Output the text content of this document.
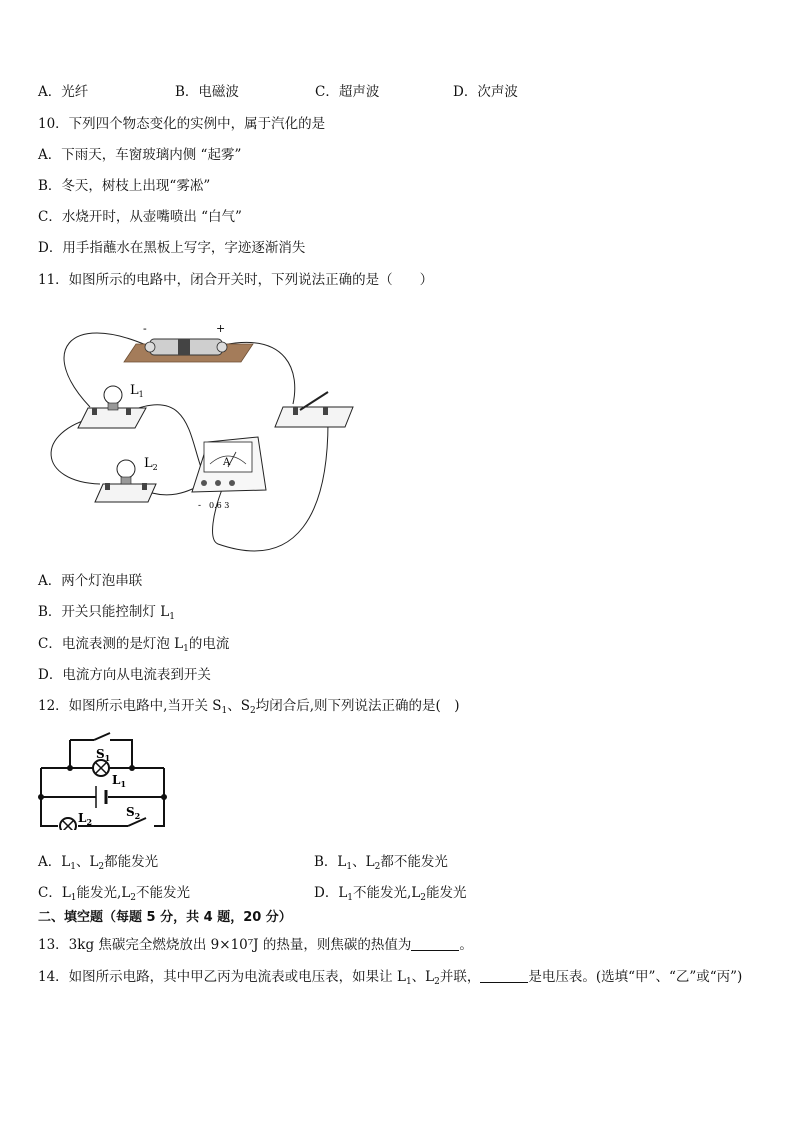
A．光纤	B．电磁波	C．超声波	D．次声波
10．下列四个物态变化的实例中，属于汽化的是
A．下雨天，车窗玻璃内侧 “起雾”
B．冬天，树枝上出现“雾凇”
C．水烧开时，从壶嘴喷出 “白气”
D．用手指蘸水在黑板上写字，字迹逐渐消失
11．如图所示的电路中，闭合开关时，下列说法正确的是（　　）
-	+
$L_1$
$L_2$	A
- 0.6 3
A．两个灯泡串联
B．开关只能控制灯 $L_1$
C．电流表测的是灯泡 $L_1$的电流
D．电流方向从电流表到开关
12．如图所示电路中,当开关 $S_1$、$S_2$均闭合后,则下列说法正确的是(　)
$S_1$
$L_1$
$L_2$
$S_2$
A．$L_1$、$L_2$都能发光	B．$L_1$、$L_2$都不能发光
C．$L_1$能发光$,L_2$不能发光	D．$L_1$不能发光$,L_2$能发光
二、填空题（每题 5 分，共 4 题，20 分）
13．3kg 焦碳完全燃烧放出 9×10⁷J 的热量，则焦碳的热值为	。
14．如图所示电路，其中甲乙丙为电流表或电压表，如果让 $L_1$、$L_2$并联，	是电压表。(选填“甲”、“乙”或“丙”)
